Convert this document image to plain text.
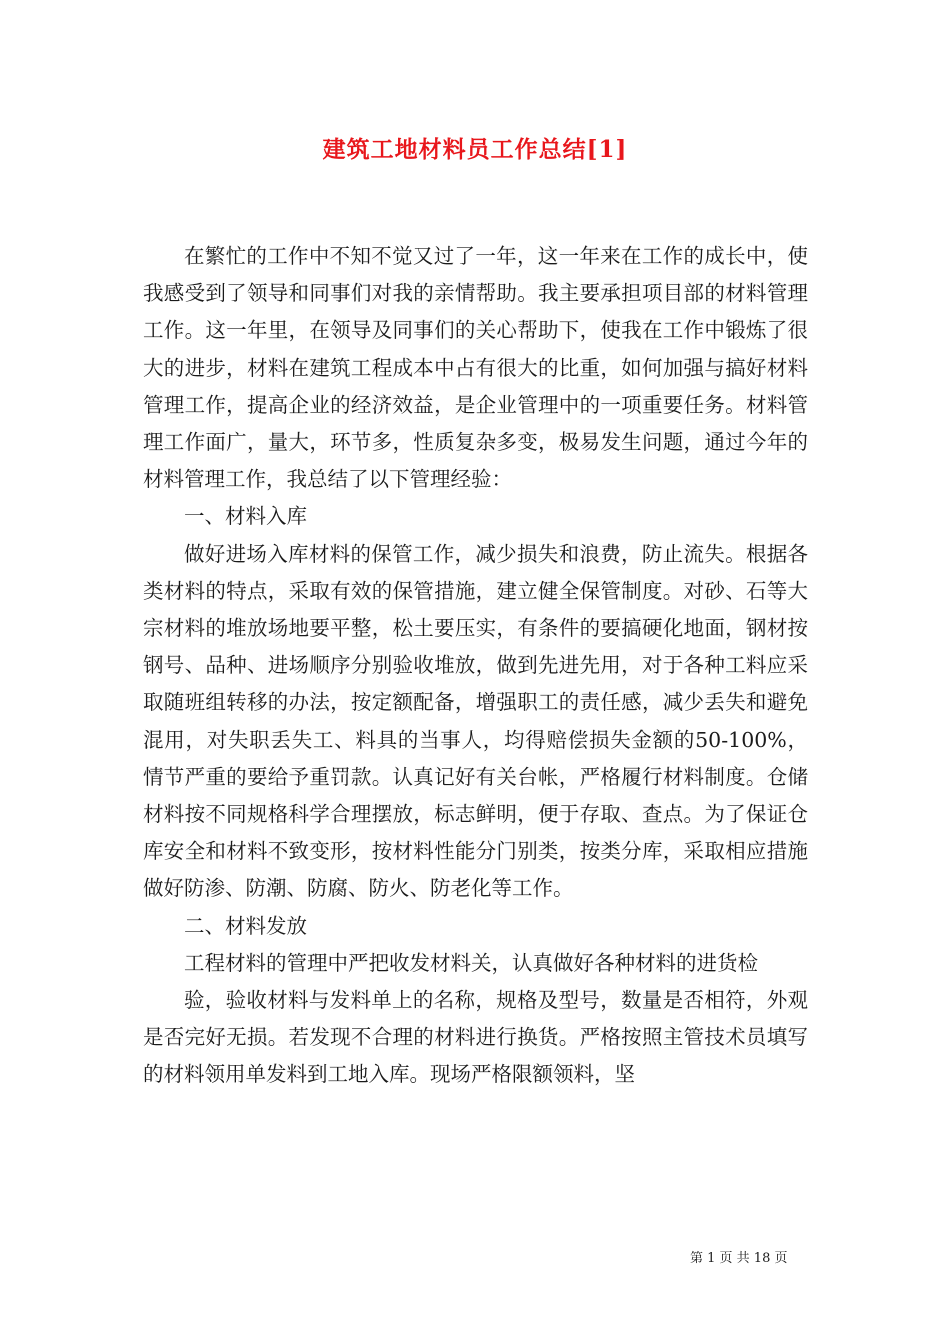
建筑工地材料员工作总结[1]

在繁忙的工作中不知不觉又过了一年，这一年来在工作的成长中，使我感受到了领导和同事们对我的亲情帮助。我主要承担项目部的材料管理工作。这一年里，在领导及同事们的关心帮助下，使我在工作中锻炼了很大的进步，材料在建筑工程成本中占有很大的比重，如何加强与搞好材料管理工作，提高企业的经济效益，是企业管理中的一项重要任务。材料管理工作面广，量大，环节多，性质复杂多变，极易发生问题，通过今年的材料管理工作，我总结了以下管理经验：

一、材料入库

做好进场入库材料的保管工作，减少损失和浪费，防止流失。根据各类材料的特点，采取有效的保管措施，建立健全保管制度。对砂、石等大宗材料的堆放场地要平整，松土要压实，有条件的要搞硬化地面，钢材按钢号、品种、进场顺序分别验收堆放，做到先进先用，对于各种工料应采取随班组转移的办法，按定额配备，增强职工的责任感，减少丢失和避免混用，对失职丢失工、料具的当事人，均得赔偿损失金额的50-100%，情节严重的要给予重罚款。认真记好有关台帐，严格履行材料制度。仓储材料按不同规格科学合理摆放，标志鲜明，便于存取、查点。为了保证仓库安全和材料不致变形，按材料性能分门别类，按类分库，采取相应措施做好防渗、防潮、防腐、防火、防老化等工作。

二、材料发放

工程材料的管理中严把收发材料关，认真做好各种材料的进货检

验，验收材料与发料单上的名称，规格及型号，数量是否相符，外观是否完好无损。若发现不合理的材料进行换货。严格按照主管技术员填写的材料领用单发料到工地入库。现场严格限额领料，坚

第 1 页 共 18 页
